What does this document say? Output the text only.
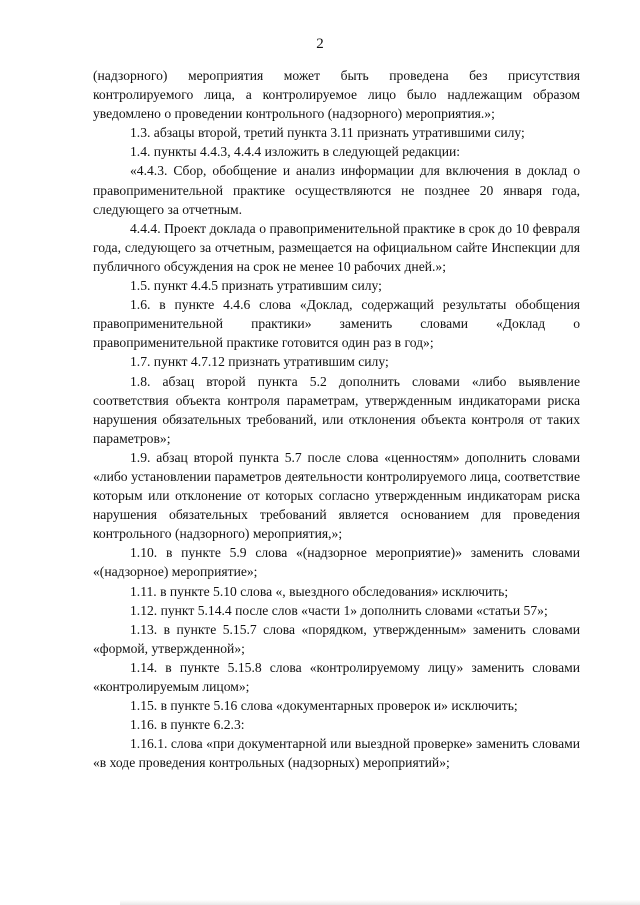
2

(надзорного) мероприятия может быть проведена без присутствия контролируемого лица, а контролируемое лицо было надлежащим образом уведомлено о проведении контрольного (надзорного) мероприятия.»;

1.3. абзацы второй, третий пункта 3.11 признать утратившими силу;

1.4. пункты 4.4.3, 4.4.4 изложить в следующей редакции:

«4.4.3. Сбор, обобщение и анализ информации для включения в доклад о правоприменительной практике осуществляются не позднее 20 января года, следующего за отчетным.

4.4.4. Проект доклада о правоприменительной практике в срок до 10 февраля года, следующего за отчетным, размещается на официальном сайте Инспекции для публичного обсуждения на срок не менее 10 рабочих дней.»;

1.5. пункт 4.4.5 признать утратившим силу;

1.6. в пункте 4.4.6 слова «Доклад, содержащий результаты обобщения правоприменительной практики» заменить словами «Доклад о правоприменительной практике готовится один раз в год»;

1.7. пункт 4.7.12 признать утратившим силу;

1.8. абзац второй пункта 5.2 дополнить словами «либо выявление соответствия объекта контроля параметрам, утвержденным индикаторами риска нарушения обязательных требований, или отклонения объекта контроля от таких параметров»;

1.9. абзац второй пункта 5.7 после слова «ценностям» дополнить словами «либо установлении параметров деятельности контролируемого лица, соответствие которым или отклонение от которых согласно утвержденным индикаторам риска нарушения обязательных требований является основанием для проведения контрольного (надзорного) мероприятия,»;

1.10. в пункте 5.9 слова «(надзорное мероприятие)» заменить словами «(надзорное) мероприятие»;

1.11. в пункте 5.10 слова «, выездного обследования» исключить;

1.12. пункт 5.14.4 после слов «части 1» дополнить словами «статьи 57»;

1.13. в пункте 5.15.7 слова «порядком, утвержденным» заменить словами «формой, утвержденной»;

1.14. в пункте 5.15.8 слова «контролируемому лицу» заменить словами «контролируемым лицом»;

1.15. в пункте 5.16 слова «документарных проверок и» исключить;

1.16. в пункте 6.2.3:

1.16.1. слова «при документарной или выездной проверке» заменить словами «в ходе проведения контрольных (надзорных) мероприятий»;
